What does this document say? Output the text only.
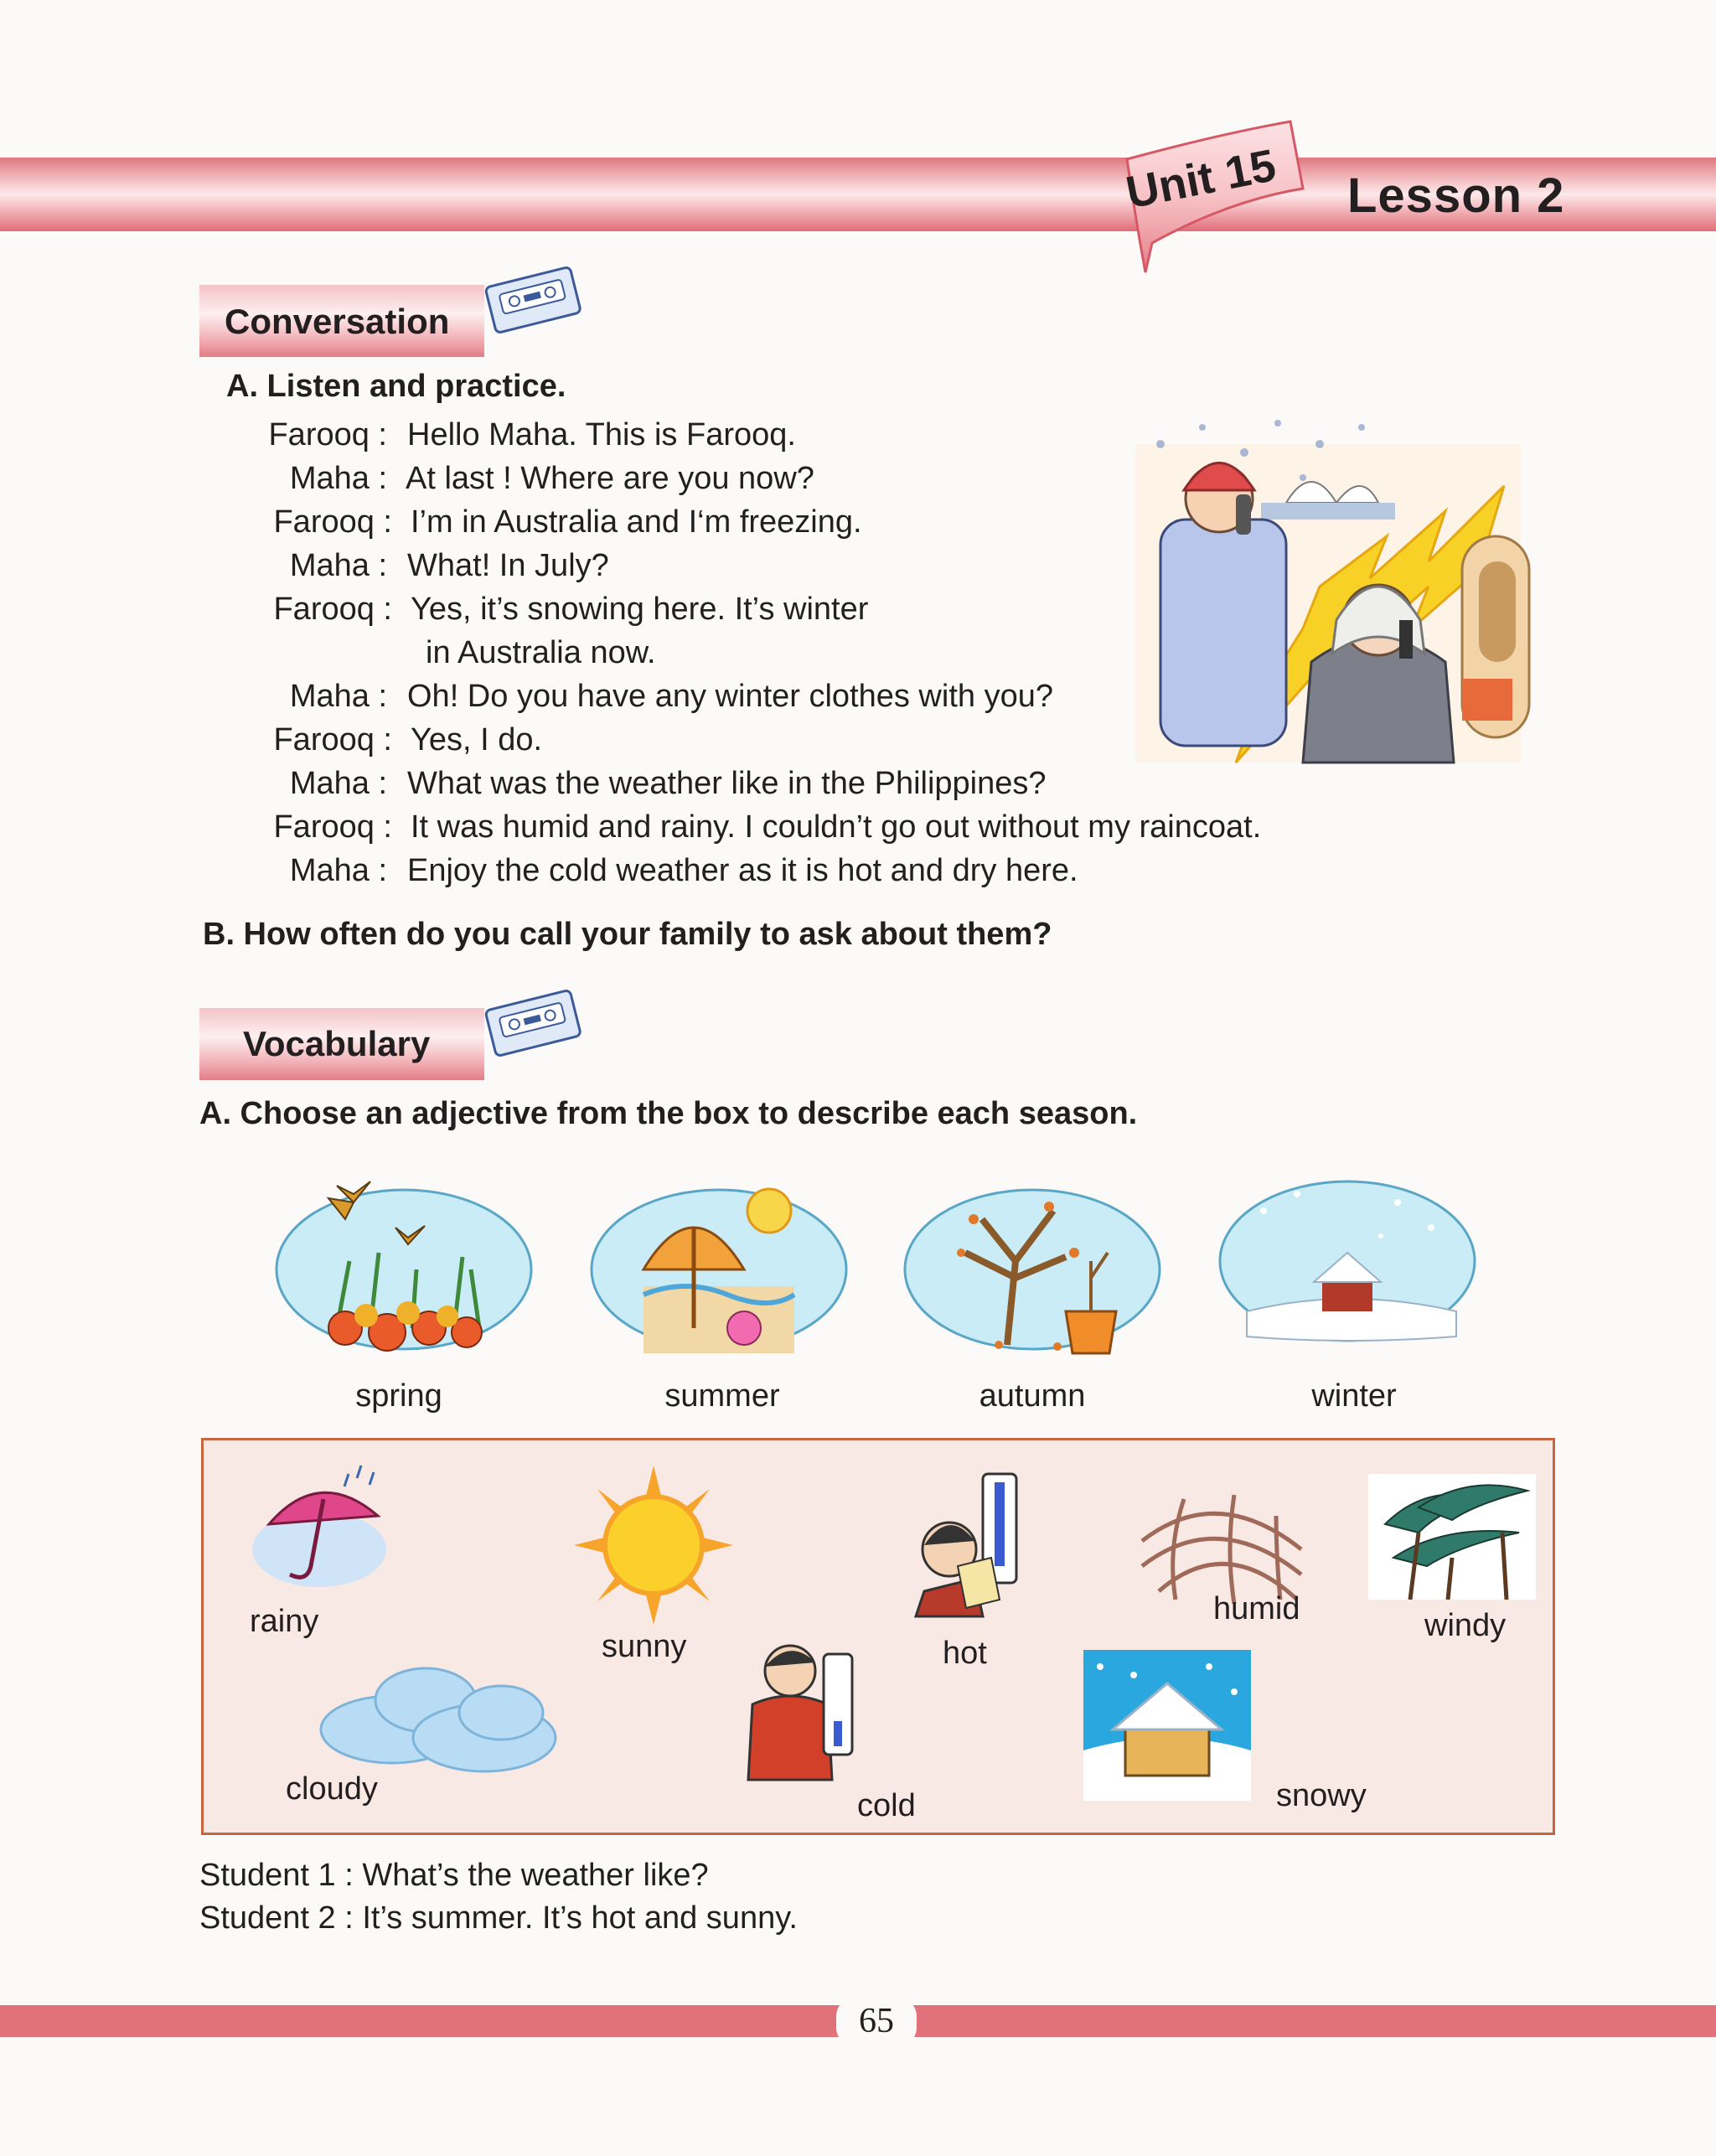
Unit 15 Lesson 2
Conversation
A. Listen and practice.
Farooq : Hello Maha. This is Farooq.
Maha : At last ! Where are you now?
Farooq : I’m in Australia and I‘m freezing.
Maha : What! In July?
Farooq : Yes, it’s snowing here. It’s winter
in Australia now.
Maha : Oh! Do you have any winter clothes with you?
Farooq : Yes, I do.
Maha : What was the weather like in the Philippines?
Farooq : It was humid and rainy. I couldn’t go out without my raincoat.
Maha : Enjoy the cold weather as it is hot and dry here.
B. How often do you call your family to ask about them?
Vocabulary
A. Choose an adjective from the box to describe each season.
spring	summer	autumn	winter
rainy
sunny	hot
humid	windy
cloudy	cold	snowy
Student 1 : What’s the weather like?
Student 2 : It’s summer. It’s hot and sunny.
65
